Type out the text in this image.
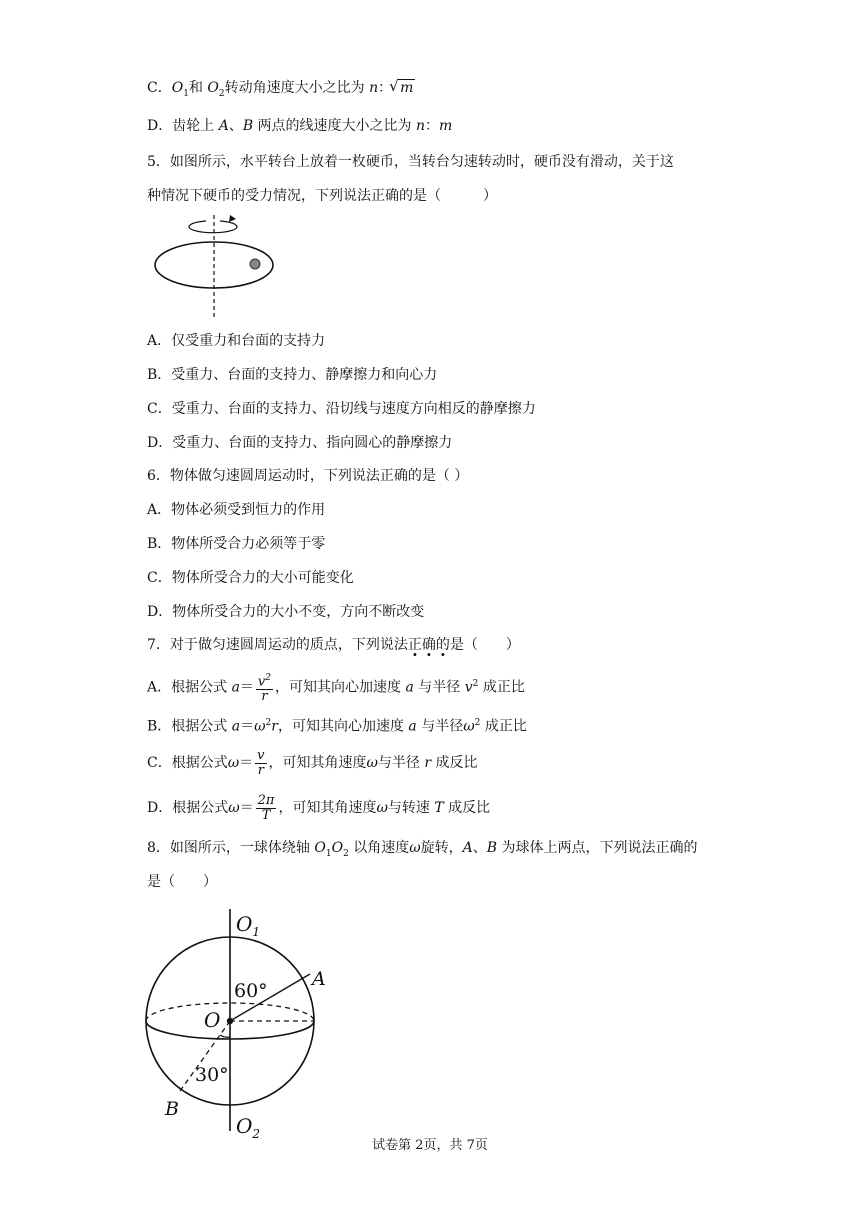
C．$O_1$和 $O_2$转动角速度大小之比为 n：√ m
D．齿轮上 A、B 两点的线速度大小之比为 n：m
5．如图所示，水平转台上放着一枚硬币，当转台匀速转动时，硬币没有滑动，关于这
种情况下硬币的受力情况，下列说法正确的是（　　　）
A．仅受重力和台面的支持力
B．受重力、台面的支持力、静摩擦力和向心力
C．受重力、台面的支持力、沿切线与速度方向相反的静摩擦力
D．受重力、台面的支持力、指向圆心的静摩擦力
6．物体做匀速圆周运动时，下列说法正确的是（ ）
A．物体必须受到恒力的作用
B．物体所受合力必须等于零
C．物体所受合力的大小可能变化
D．物体所受合力的大小不变，方向不断改变
7．对于做匀速圆周运动的质点，下列说法正确的是（　　）
A．根据公式 $a= \frac{v^2}{r}$ ，可知其向心加速度 a 与半径 $v^2$ 成正比
B．根据公式 $a=\omega^2r$，可知其向心加速度 a 与半径$\omega^2$ 成正比
C．根据公式$\omega= \frac{v}{r}$ ，可知其角速度ω与半径 r 成反比
D．根据公式$\omega= \frac{2\pi}{T}$ ，可知其角速度ω与转速 T 成反比
8．如图所示，一球体绕轴 $O_1O_2$ 以角速度ω旋转，A、B 为球体上两点，下列说法正确的
是（　　）
$O_1$
$O_2$
O
A
B
60°
30°
试卷第 2页，共 7页
